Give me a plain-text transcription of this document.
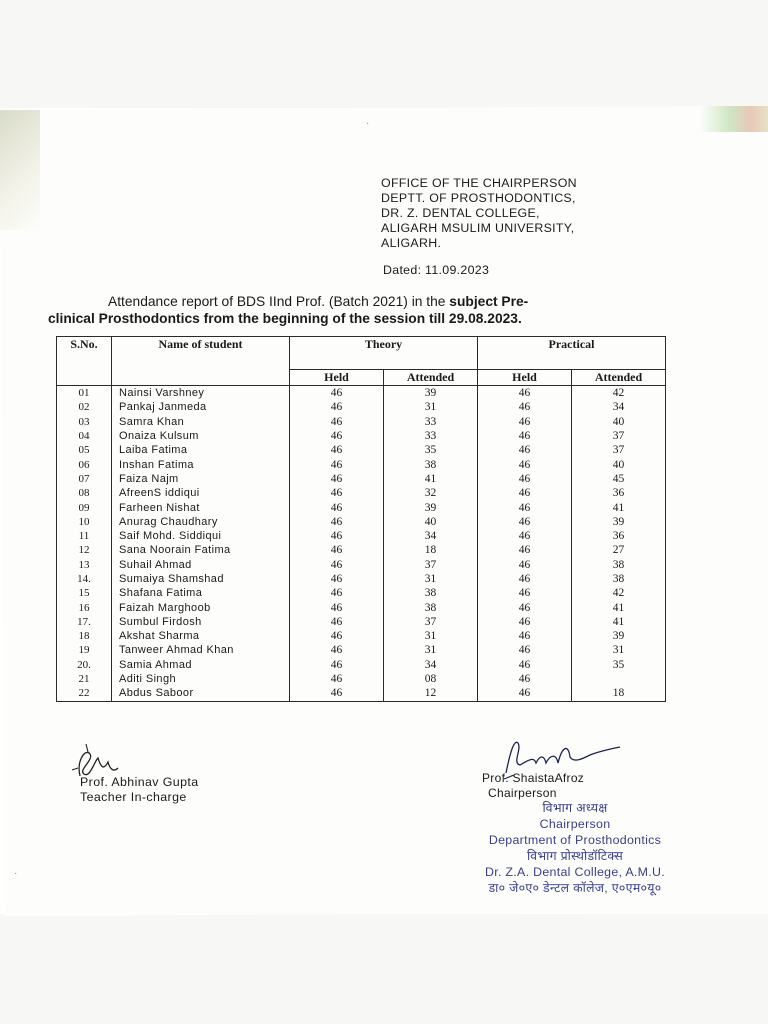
·
·
OFFICE OF THE CHAIRPERSON
DEPTT. OF PROSTHODONTICS,
DR. Z. DENTAL COLLEGE,
ALIGARH MSULIM UNIVERSITY,
ALIGARH.
Dated: 11.09.2023
Attendance report of BDS IInd Prof. (Batch 2021) in the subject Pre-
clinical Prosthodontics from the beginning of the session till 29.08.2023.
S.No.	Name of student	Theory		Practical	
		Held	Attended	Held	Attended
01	Nainsi Varshney	46	39	46	42
02	Pankaj Janmeda	46	31	46	34
03	Samra Khan	46	33	46	40
04	Onaiza Kulsum	46	33	46	37
05	Laiba Fatima	46	35	46	37
06	Inshan Fatima	46	38	46	40
07	Faiza Najm	46	41	46	45
08	AfreenS iddiqui	46	32	46	36
09	Farheen Nishat	46	39	46	41
10	Anurag Chaudhary	46	40	46	39
11	Saif Mohd. Siddiqui	46	34	46	36
12	Sana Noorain Fatima	46	18	46	27
13	Suhail Ahmad	46	37	46	38
14.	Sumaiya Shamshad	46	31	46	38
15	Shafana Fatima	46	38	46	42
16	Faizah Marghoob	46	38	46	41
17.	Sumbul Firdosh	46	37	46	41
18	Akshat Sharma	46	31	46	39
19	Tanweer Ahmad Khan	46	31	46	31
20.	Samia Ahmad	46	34	46	35
21	Aditi Singh	46	08	46	
22	Abdus Saboor	46	12	46	18
Prof. Abhinav Gupta
Teacher In-charge
Prof. ShaistaAfroz
Chairperson
विभाग अध्यक्ष
Chairperson
Department of Prosthodontics
विभाग प्रोस्थोडॉटिक्स
Dr. Z.A. Dental College, A.M.U.
डा० जे०ए० डेन्टल कॉलेज, ए०एम०यू०
